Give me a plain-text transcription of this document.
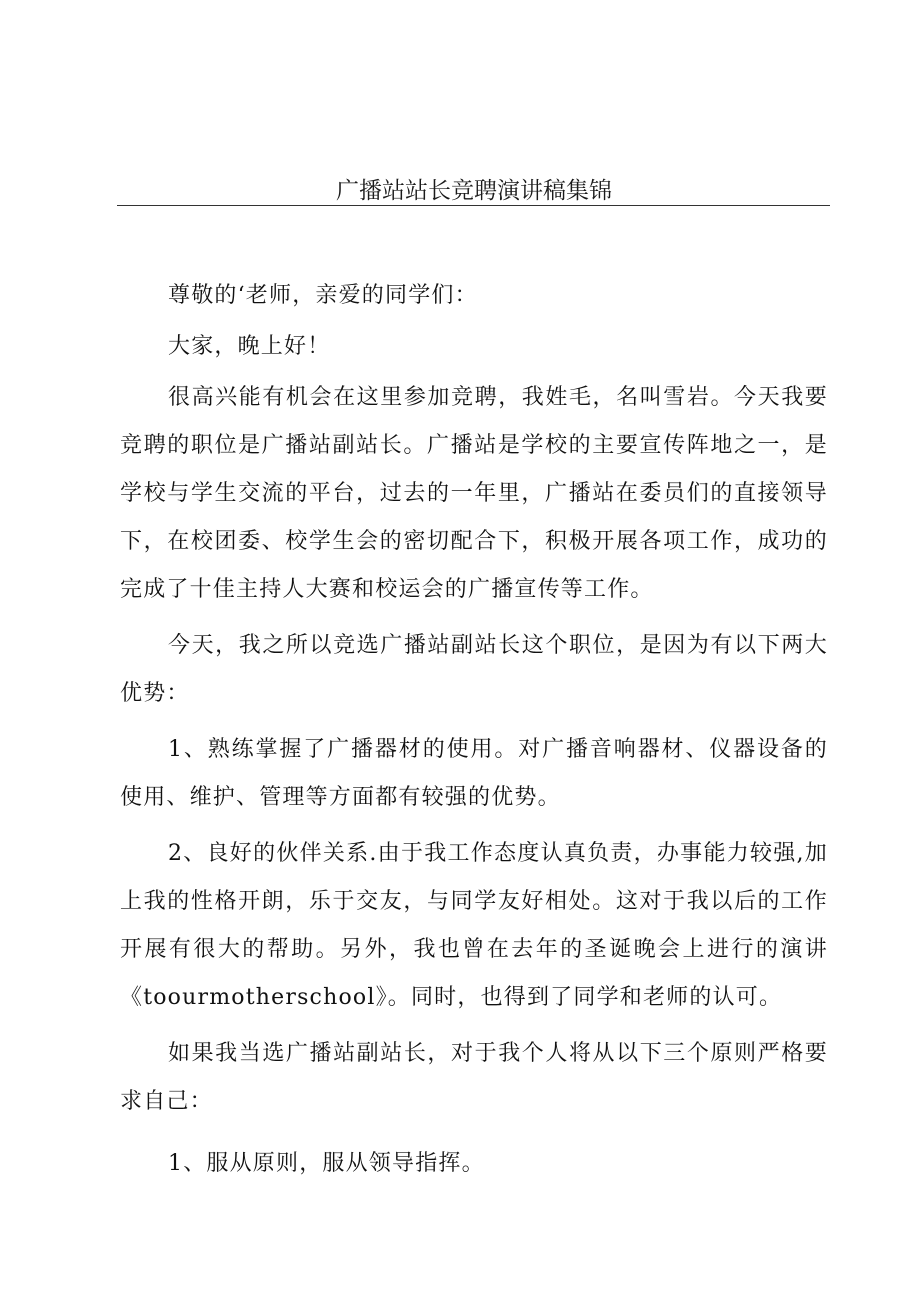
广播站站长竞聘演讲稿集锦

尊敬的‘老师，亲爱的同学们：

大家，晚上好！

很高兴能有机会在这里参加竞聘，我姓毛，名叫雪岩。今天我要竞聘的职位是广播站副站长。广播站是学校的主要宣传阵地之一，是学校与学生交流的平台，过去的一年里，广播站在委员们的直接领导下，在校团委、校学生会的密切配合下，积极开展各项工作，成功的完成了十佳主持人大赛和校运会的广播宣传等工作。

今天，我之所以竞选广播站副站长这个职位，是因为有以下两大优势：

1、熟练掌握了广播器材的使用。对广播音响器材、仪器设备的使用、维护、管理等方面都有较强的优势。

2、良好的伙伴关系.由于我工作态度认真负责，办事能力较强,加上我的性格开朗，乐于交友，与同学友好相处。这对于我以后的工作开展有很大的帮助。另外，我也曾在去年的圣诞晚会上进行的演讲《toourmotherschool》。同时，也得到了同学和老师的认可。

如果我当选广播站副站长，对于我个人将从以下三个原则严格要求自己：

1、服从原则，服从领导指挥。
